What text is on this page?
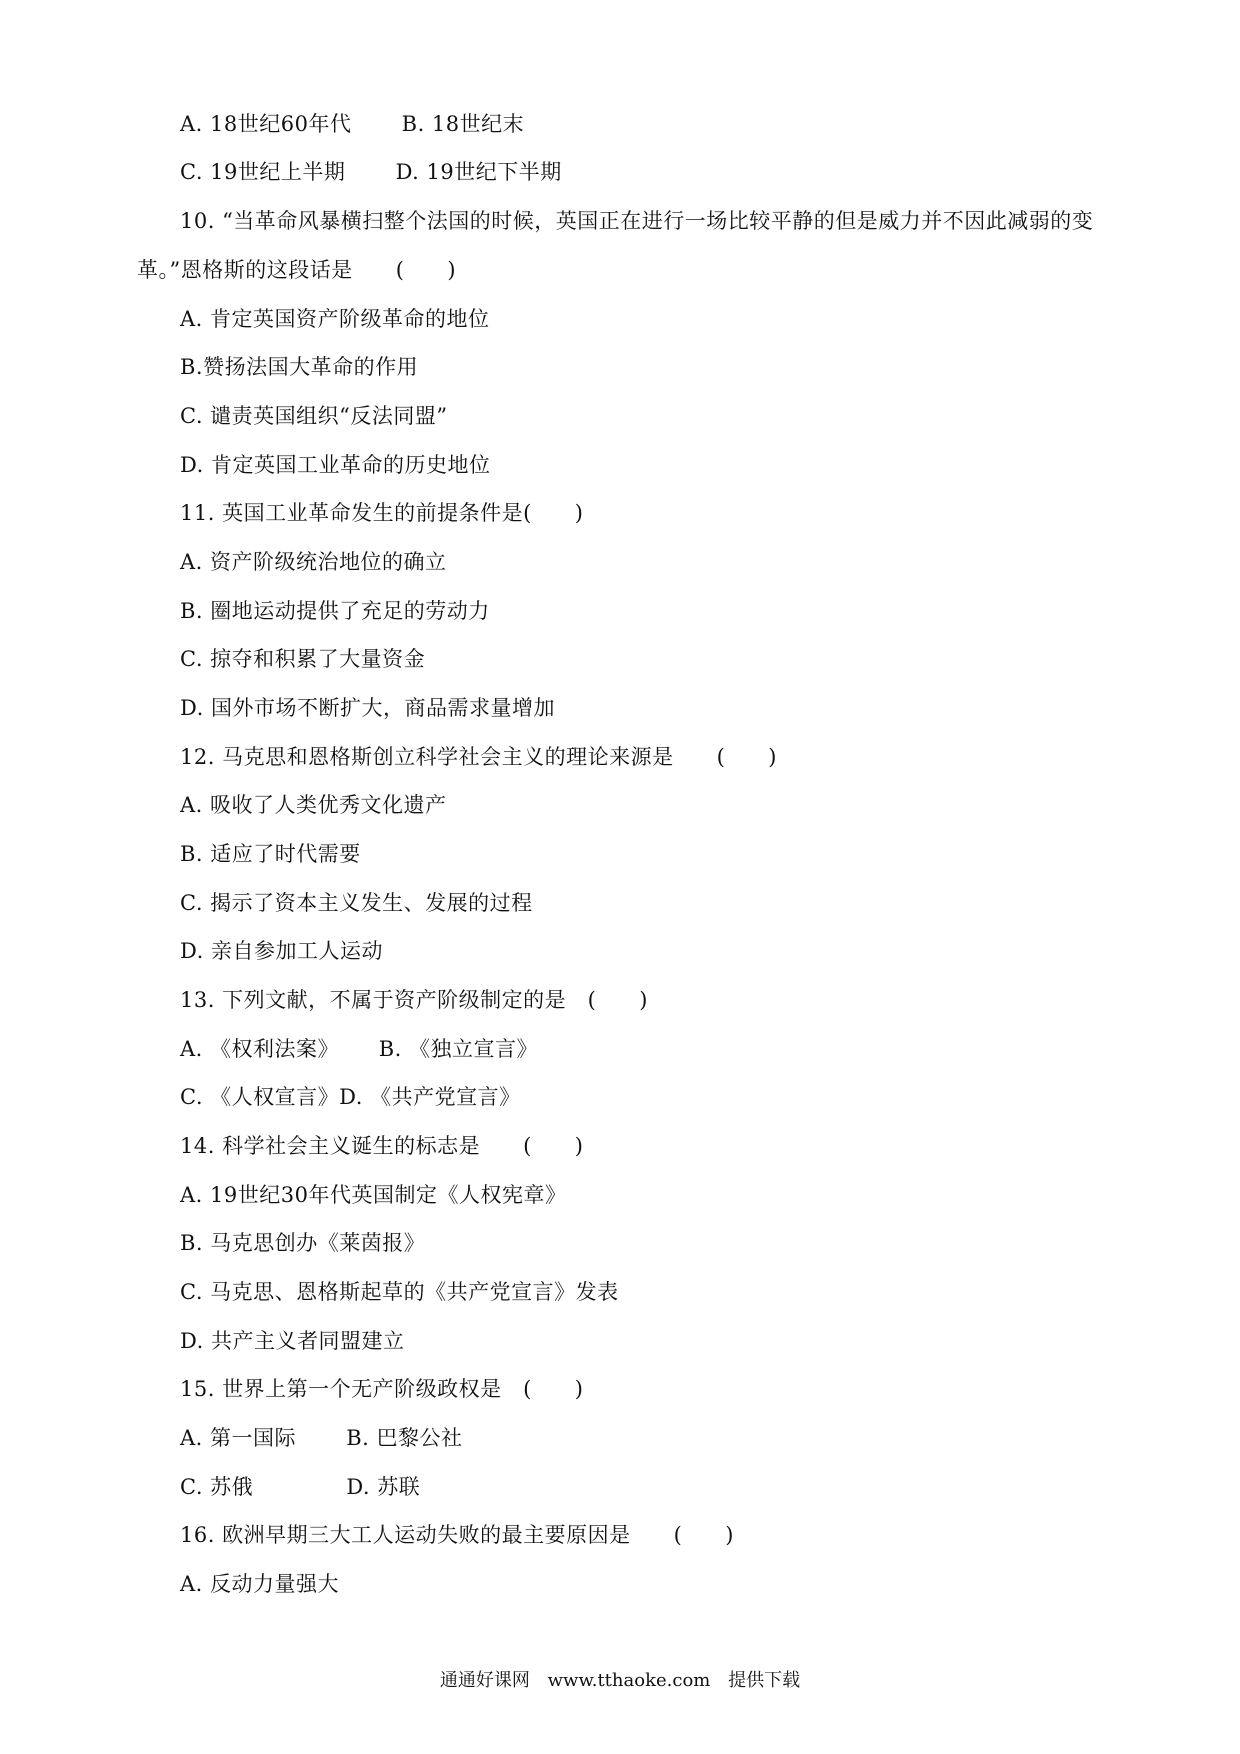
A. 18世纪60年代　　 B. 18世纪末
C. 19世纪上半期　　 D. 19世纪下半期
10. “当革命风暴横扫整个法国的时候，英国正在进行一场比较平静的但是威力并不因此减弱的变
革。”恩格斯的这段话是　　(　　)
A. 肯定英国资产阶级革命的地位
B.赞扬法国大革命的作用
C. 谴责英国组织“反法同盟”
D. 肯定英国工业革命的历史地位
11. 英国工业革命发生的前提条件是(　　)
A. 资产阶级统治地位的确立
B. 圈地运动提供了充足的劳动力
C. 掠夺和积累了大量资金
D. 国外市场不断扩大，商品需求量增加
12. 马克思和恩格斯创立科学社会主义的理论来源是　　(　　)
A. 吸收了人类优秀文化遗产
B. 适应了时代需要
C. 揭示了资本主义发生、发展的过程
D. 亲自参加工人运动
13. 下列文献，不属于资产阶级制定的是　(　　)
A. 《权利法案》　　 B. 《独立宣言》
C. 《人权宣言》D. 《共产党宣言》
14. 科学社会主义诞生的标志是　　(　　)
A. 19世纪30年代英国制定《人权宪章》
B. 马克思创办《莱茵报》
C. 马克思、恩格斯起草的《共产党宣言》发表
D. 共产主义者同盟建立
15. 世界上第一个无产阶级政权是　(　　)
A. 第一国际　　 B. 巴黎公社
C. 苏俄　　　　 D. 苏联
16. 欧洲早期三大工人运动失败的最主要原因是　　(　　)
A. 反动力量强大
通通好课网 www.tthaoke.com 提供下载
